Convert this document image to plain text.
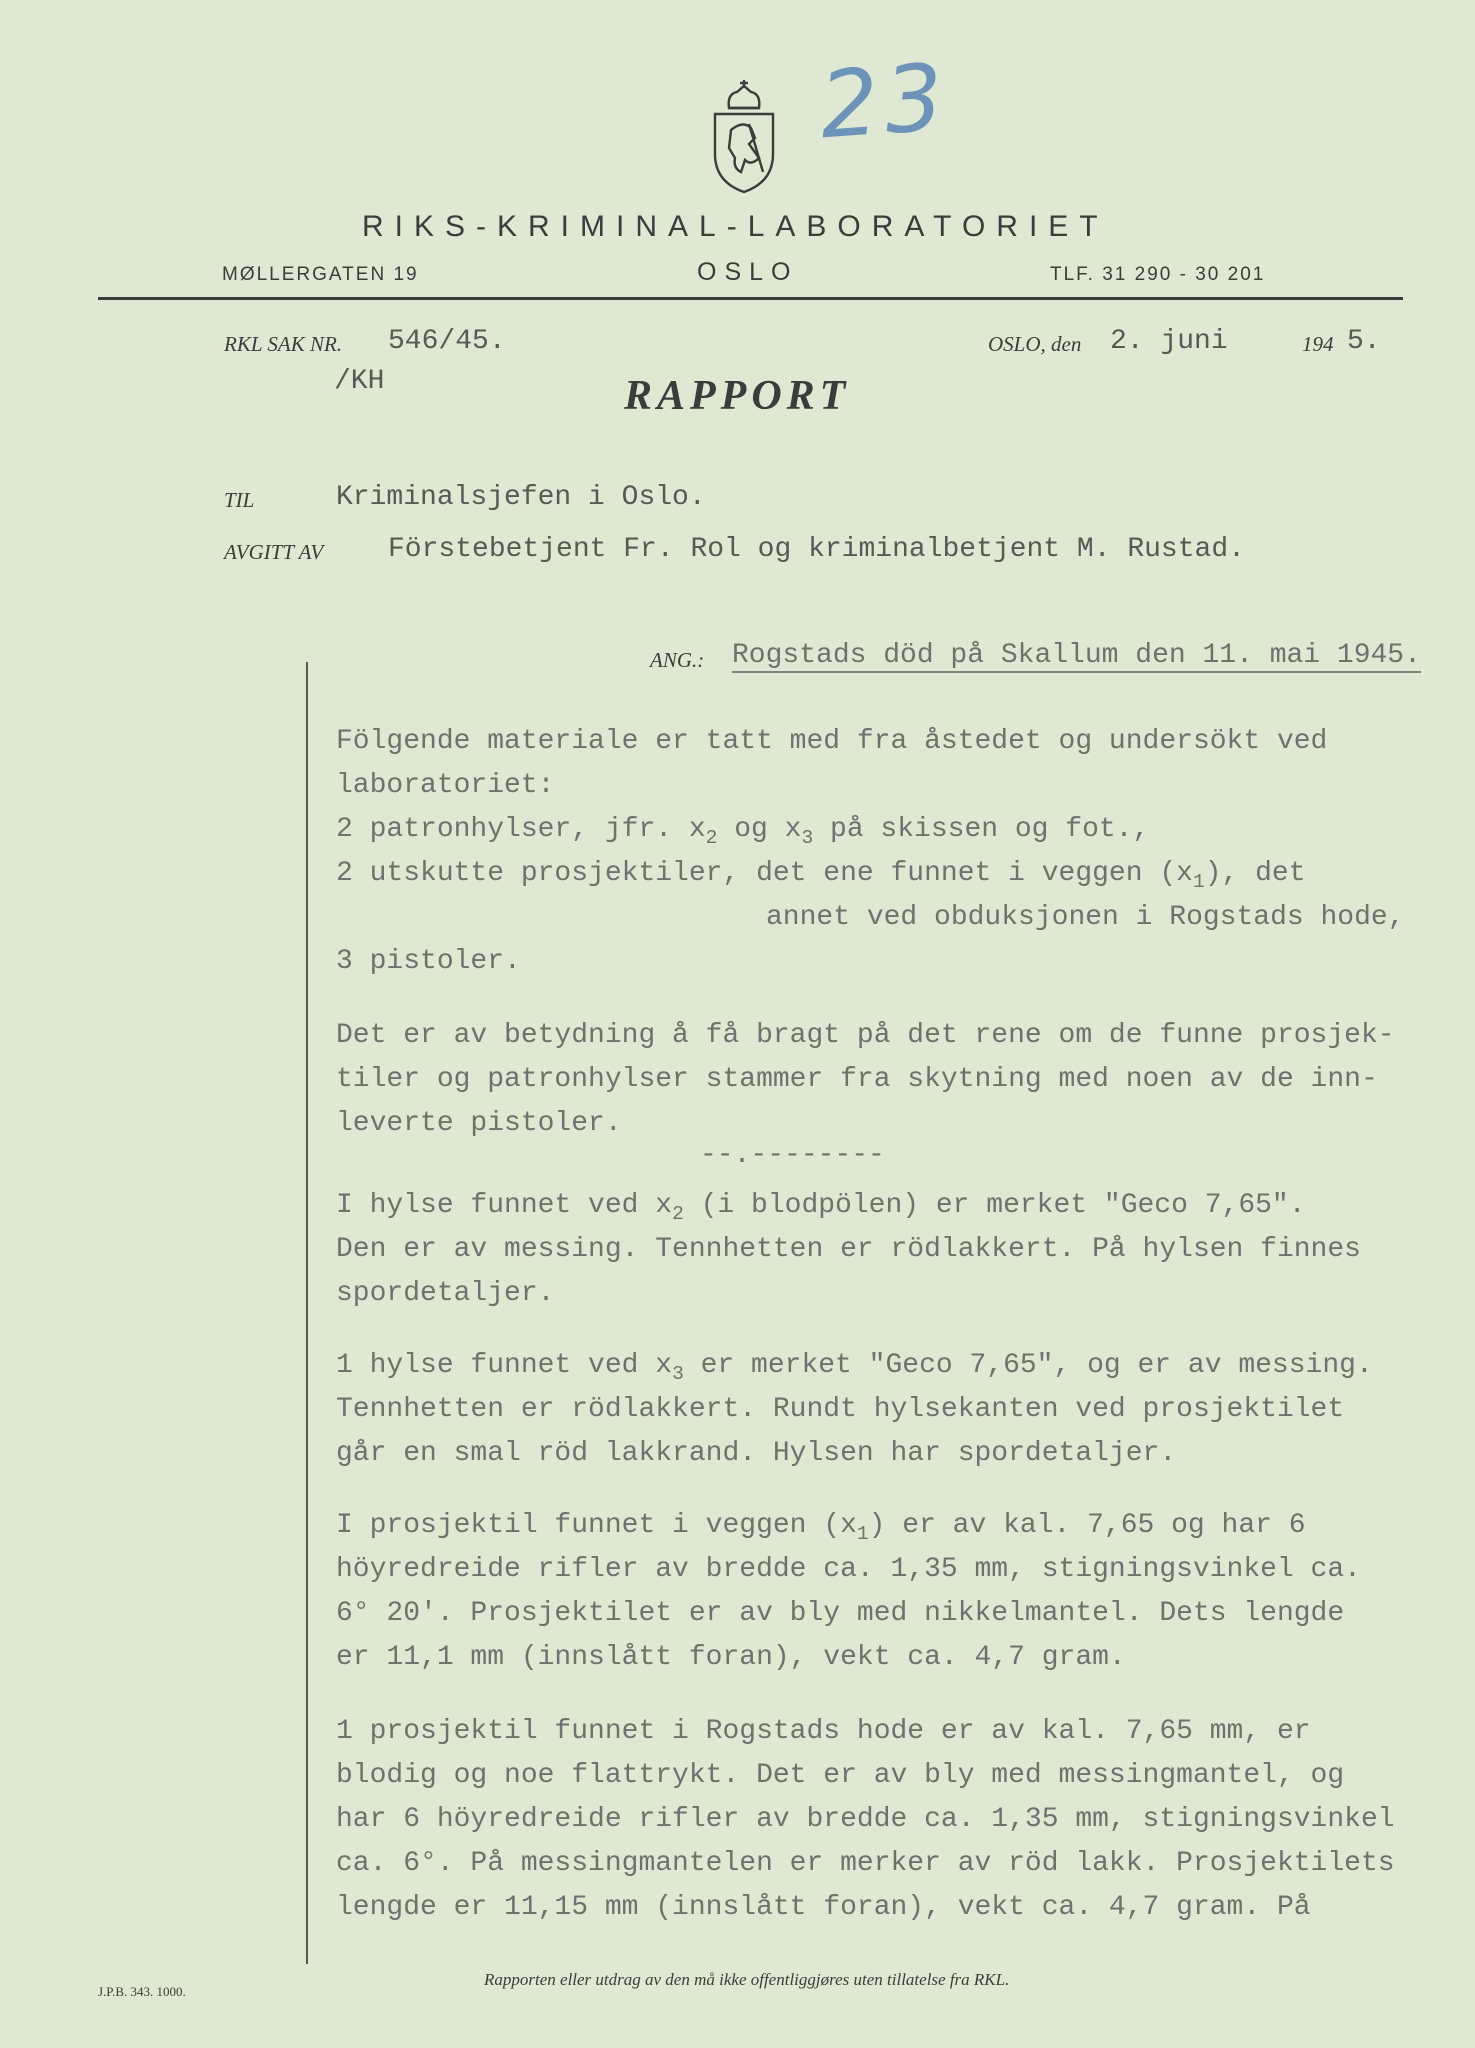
23
RIKS-KRIMINAL-LABORATORIET
MØLLERGATEN 19	OSLO	TLF. 31 290 - 30 201
RKL SAK NR. 546/45.
/KH
OSLO, den 2. juni	194 5.
RAPPORT
TIL	Kriminalsjefen i Oslo.
AVGITT AV Förstebetjent Fr. Rol og kriminalbetjent M. Rustad.
ANG.: Rogstads död på Skallum den 11. mai 1945.
Fölgende materiale er tatt med fra åstedet og undersökt ved
laboratoriet:
2 patronhylser, jfr. $x_2$ og $x_3$ på skissen og fot.,
2 utskutte prosjektiler, det ene funnet i veggen $(x_1)$, det
annet ved obduksjonen i Rogstads hode,
3 pistoler.
Det er av betydning å få bragt på det rene om de funne prosjek-
tiler og patronhylser stammer fra skytning med noen av de inn-
leverte pistoler.
--.--------
I hylse funnet ved $x_2$ (i blodpölen) er merket "Geco 7,65".
Den er av messing. Tennhetten er rödlakkert. På hylsen finnes
spordetaljer.
1 hylse funnet ved $x_3$ er merket "Geco 7,65", og er av messing.
Tennhetten er rödlakkert. Rundt hylsekanten ved prosjektilet
går en smal röd lakkrand. Hylsen har spordetaljer.
I prosjektil funnet i veggen $(x_1)$ er av kal. 7,65 og har 6
höyredreide rifler av bredde ca. 1,35 mm, stigningsvinkel ca.
6° 20'. Prosjektilet er av bly med nikkelmantel. Dets lengde
er 11,1 mm (innslått foran), vekt ca. 4,7 gram.
1 prosjektil funnet i Rogstads hode er av kal. 7,65 mm, er
blodig og noe flattrykt. Det er av bly med messingmantel, og
har 6 höyredreide rifler av bredde ca. 1,35 mm, stigningsvinkel
ca. 6°. På messingmantelen er merker av röd lakk. Prosjektilets
lengde er 11,15 mm (innslått foran), vekt ca. 4,7 gram. På
J.P.B. 343. 1000.
Rapporten eller utdrag av den må ikke offentliggjøres uten tillatelse fra RKL.
